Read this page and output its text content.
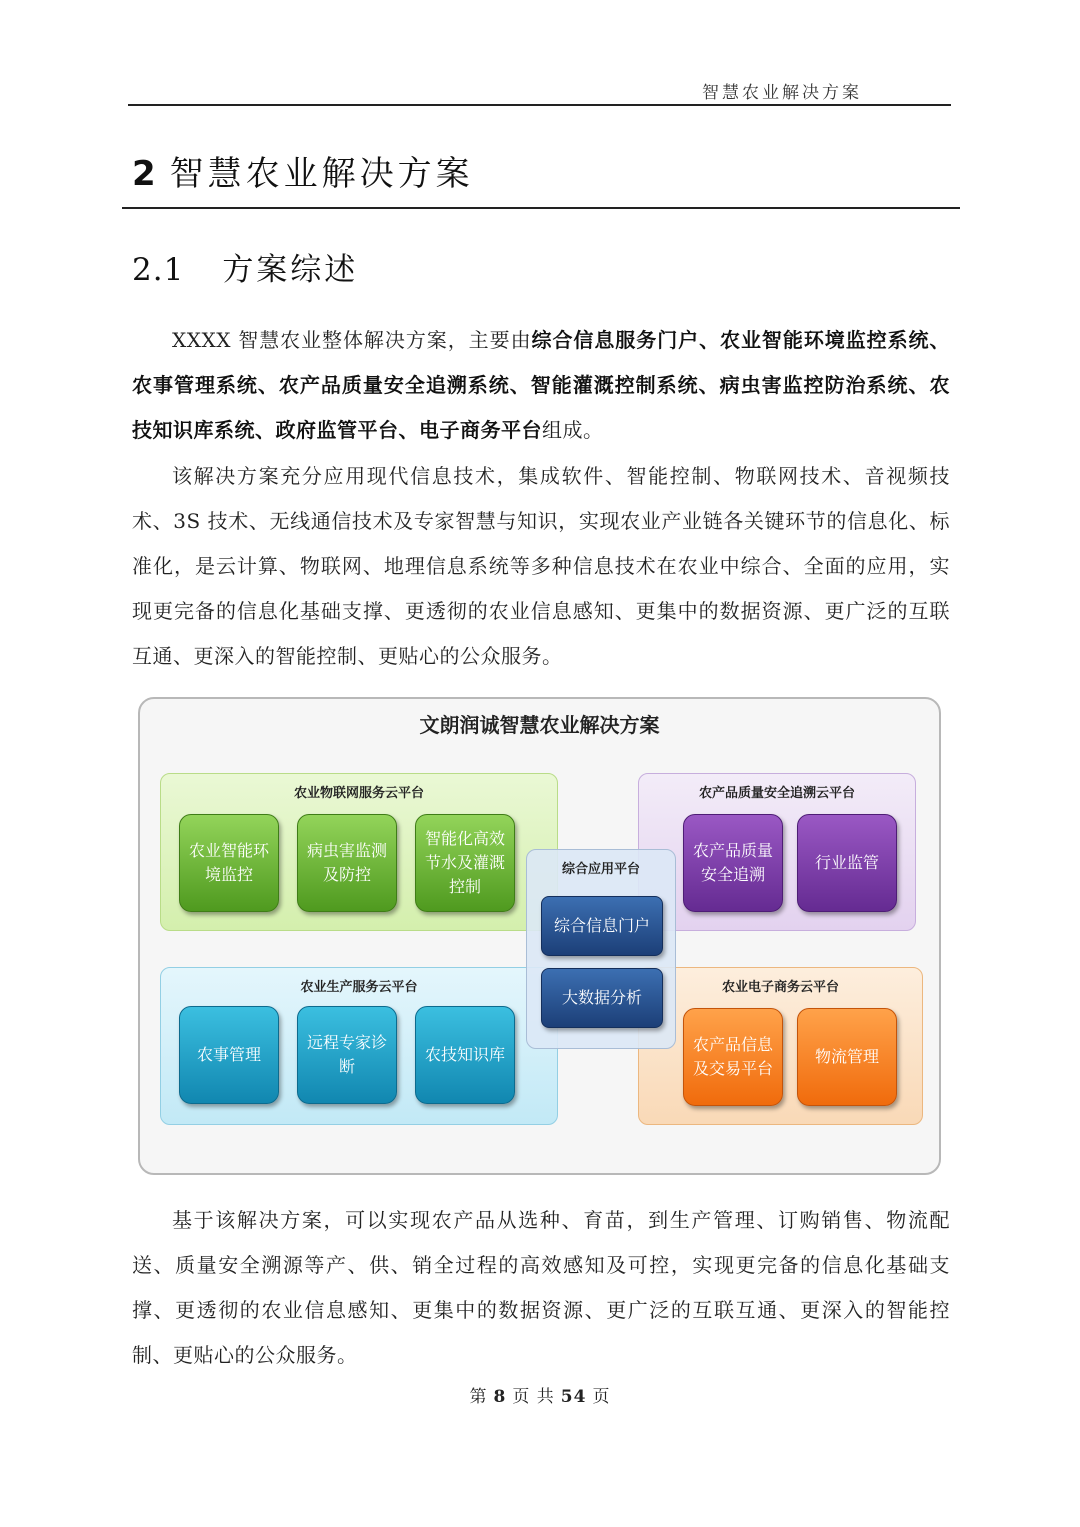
智慧农业解决方案
2 智慧农业解决方案
2.1 方案综述

XXXX 智慧农业整体解决方案，主要由综合信息服务门户、农业智能环境监控系统、农事管理系统、农产品质量安全追溯系统、智能灌溉控制系统、病虫害监控防治系统、农技知识库系统、政府监管平台、电子商务平台组成。

该解决方案充分应用现代信息技术，集成软件、智能控制、物联网技术、音视频技术、3S 技术、无线通信技术及专家智慧与知识，实现农业产业链各关键环节的信息化、标准化，是云计算、物联网、地理信息系统等多种信息技术在农业中综合、全面的应用，实现更完备的信息化基础支撑、更透彻的农业信息感知、更集中的数据资源、更广泛的互联互通、更深入的智能控制、更贴心的公众服务。

文朗润诚智慧农业解决方案
农业物联网服务云平台
农业智能环境监控
病虫害监测及防控
智能化高效节水及灌溉控制
农业生产服务云平台
农事管理
远程专家诊断
农技知识库
农产品质量安全追溯云平台
农产品质量安全追溯
行业监管
农业电子商务云平台
农产品信息及交易平台
物流管理
综合应用平台
综合信息门户
大数据分析

基于该解决方案，可以实现农产品从选种、育苗，到生产管理、订购销售、物流配送、质量安全溯源等产、供、销全过程的高效感知及可控，实现更完备的信息化基础支撑、更透彻的农业信息感知、更集中的数据资源、更广泛的互联互通、更深入的智能控制、更贴心的公众服务。

第 8 页 共 54 页
